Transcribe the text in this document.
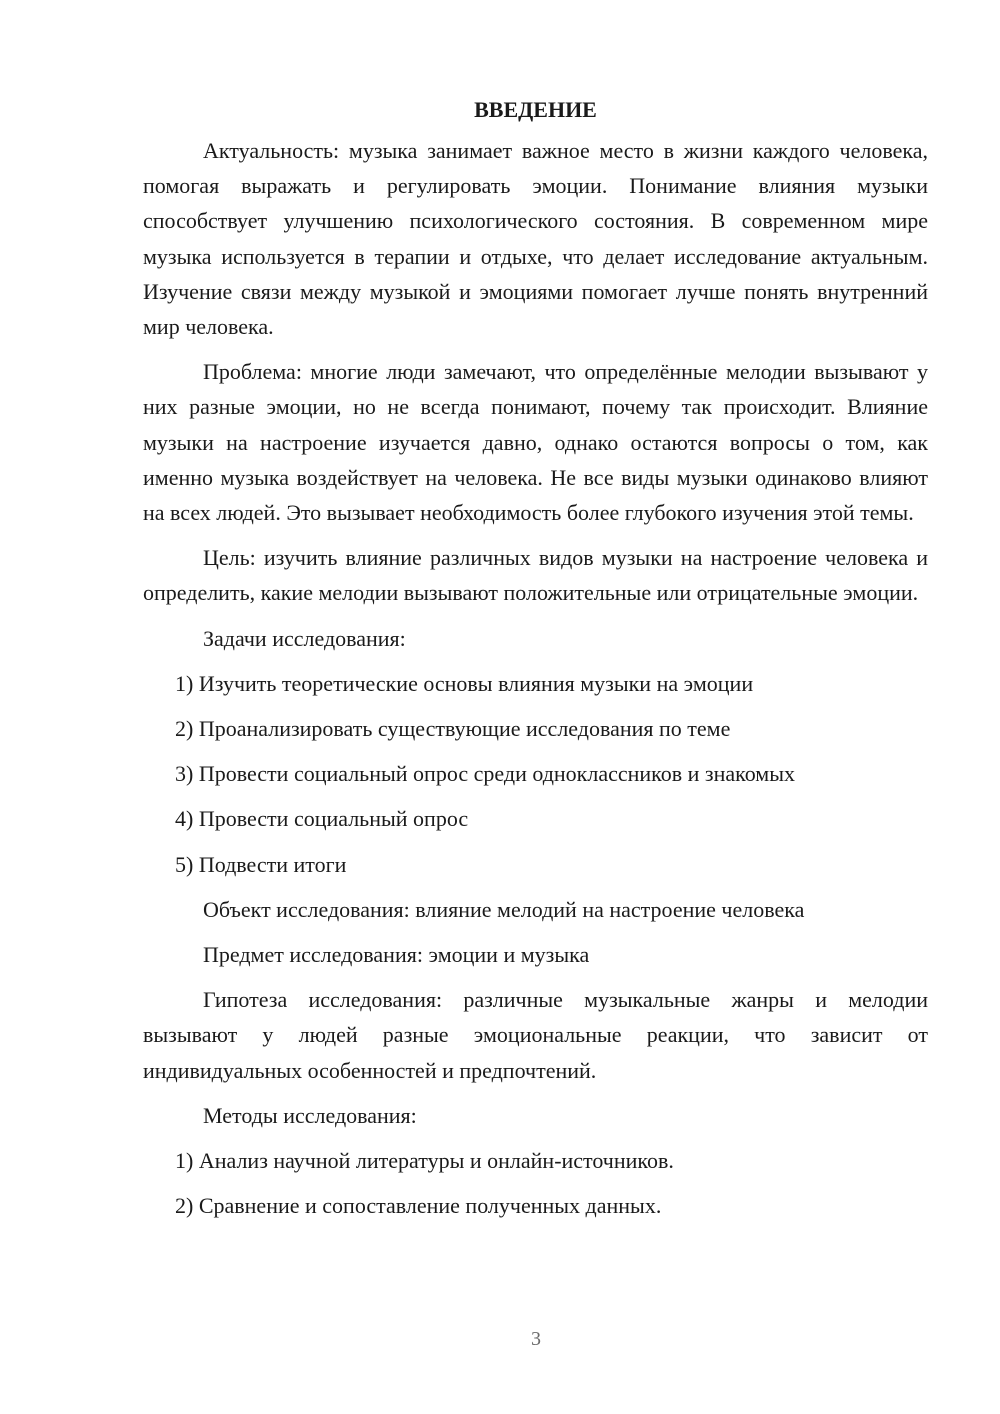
ВВЕДЕНИЕ

Актуальность: музыка занимает важное место в жизни каждого человека, помогая выражать и регулировать эмоции. Понимание влияния музыки способствует улучшению психологического состояния. В современном мире музыка используется в терапии и отдыхе, что делает исследование актуальным. Изучение связи между музыкой и эмоциями помогает лучше понять внутренний мир человека.

Проблема: многие люди замечают, что определённые мелодии вызывают у них разные эмоции, но не всегда понимают, почему так происходит. Влияние музыки на настроение изучается давно, однако остаются вопросы о том, как именно музыка воздействует на человека. Не все виды музыки одинаково влияют на всех людей. Это вызывает необходимость более глубокого изучения этой темы.

Цель: изучить влияние различных видов музыки на настроение человека и определить, какие мелодии вызывают положительные или отрицательные эмоции.

Задачи исследования:

1) Изучить теоретические основы влияния музыки на эмоции

2) Проанализировать существующие исследования по теме

3) Провести социальный опрос среди одноклассников и знакомых

4) Провести социальный опрос

5) Подвести итоги

Объект исследования: влияние мелодий на настроение человека

Предмет исследования: эмоции и музыка

Гипотеза исследования: различные музыкальные жанры и мелодии вызывают у людей разные эмоциональные реакции, что зависит от индивидуальных особенностей и предпочтений.

Методы исследования:

1) Анализ научной литературы и онлайн-источников.

2) Сравнение и сопоставление полученных данных.

3
